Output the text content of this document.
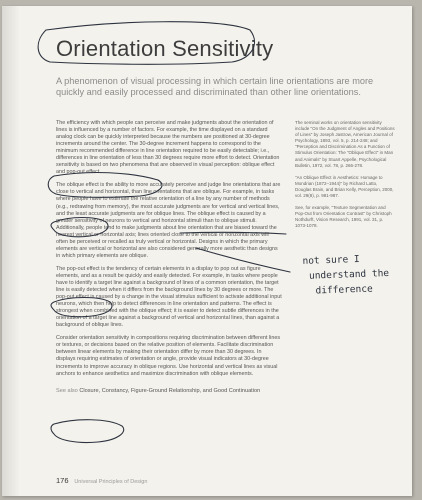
Orientation Sensitivity
A phenomenon of visual processing in which certain line orientations are more quickly and easily processed and discriminated than other line orientations.

The efficiency with which people can perceive and make judgments about the orientation of lines is influenced by a number of factors. For example, the time displayed on a standard analog clock can be quickly interpreted because the numbers are positioned at 30-degree increments around the center. The 30-degree increment happens to correspond to the minimum recommended difference in line orientation required to be easily detectable; i.e., differences in line orientation of less than 30 degrees require more effort to detect. Orientation sensitivity is based on two phenomena that are observed in visual perception: oblique effect and pop-out effect.

The oblique effect is the ability to more accurately perceive and judge line orientations that are close to vertical and horizontal, than line orientations that are oblique. For example, in tasks where people have to estimate the relative orientation of a line by any number of methods (e.g., redrawing from memory), the most accurate judgments are for vertical and vertical lines, and the least accurate judgments are for oblique lines. The oblique effect is caused by a greater sensitivity of neurons to vertical and horizontal stimuli than to oblique stimuli. Additionally, people tend to make judgments about line orientation that are biased toward the nearest vertical or horizontal axis; lines oriented close to the vertical or horizontal axis will often be perceived or recalled as truly vertical or horizontal. Designs in which the primary elements are vertical or horizontal are also considered generally more aesthetic than designs in which primary elements are oblique.

The pop-out effect is the tendency of certain elements in a display to pop out as figure elements, and as a result be quickly and easily detected. For example, in tasks where people have to identify a target line against a background of lines of a common orientation, the target line is easily detected when it differs from the background lines by 30 degrees or more. The pop-out effect is caused by a change in the visual stimulus sufficient to activate additional input neurons, which then help to detect differences in line orientation and patterns. The effect is strongest when combined with the oblique effect; it is easier to detect subtle differences in the orientation of a target line against a background of vertical and horizontal lines, than against a background of oblique lines.

Consider orientation sensitivity in compositions requiring discrimination between different lines or textures, or decisions based on the relative position of elements. Facilitate discrimination between linear elements by making their orientation differ by more than 30 degrees. In displays requiring estimates of orientation or angle, provide visual indicators at 30-degree increments to improve accuracy in oblique regions. Use horizontal and vertical lines as visual anchors to enhance aesthetics and maximize discrimination with oblique elements.

See also Closure, Constancy, Figure-Ground Relationship, and Good Continuation

The seminal works on orientation sensitivity include "On the Judgment of Angles and Positions of Lines" by Joseph Jastrow, American Journal of Psychology, 1893, vol. 5, p. 214-248; and "Perception and Discrimination As a Function of Stimulus Orientation: The "Oblique Effect" in Man and Animals" by Stuart Appelle, Psychological Bulletin, 1972, vol. 78, p. 266-278.

"An Oblique Effect in Aesthetics: Homage to Mondrian (1872–1944)" by Richard Latto, Douglas Brain, and Brian Kelly, Perception, 2000, vol. 29(8), p. 981-987.

See, for example, "Texture Segmentation and Pop-Out from Orientation Contrast" by Christoph Nothdurft, Vision Research, 1991, vol. 31, p. 1073-1078.

176 Universal Principles of Design
not sure I
understand the
difference
